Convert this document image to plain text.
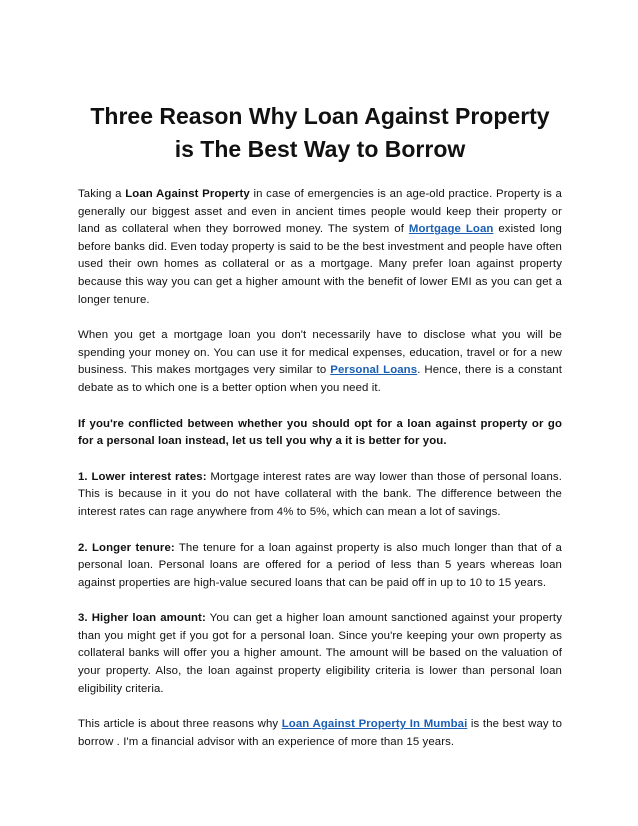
Three Reason Why Loan Against Property
is The Best Way to Borrow

Taking a Loan Against Property in case of emergencies is an age-old practice. Property is a generally our biggest asset and even in ancient times people would keep their property or land as collateral when they borrowed money. The system of Mortgage Loan existed long before banks did. Even today property is said to be the best investment and people have often used their own homes as collateral or as a mortgage. Many prefer loan against property because this way you can get a higher amount with the benefit of lower EMI as you can get a longer tenure.

When you get a mortgage loan you don't necessarily have to disclose what you will be spending your money on. You can use it for medical expenses, education, travel or for a new business. This makes mortgages very similar to Personal Loans. Hence, there is a constant debate as to which one is a better option when you need it.

If you're conflicted between whether you should opt for a loan against property or go for a personal loan instead, let us tell you why a it is better for you.

1. Lower interest rates: Mortgage interest rates are way lower than those of personal loans. This is because in it you do not have collateral with the bank. The difference between the interest rates can rage anywhere from 4% to 5%, which can mean a lot of savings.

2. Longer tenure: The tenure for a loan against property is also much longer than that of a personal loan. Personal loans are offered for a period of less than 5 years whereas loan against properties are high-value secured loans that can be paid off in up to 10 to 15 years.

3. Higher loan amount: You can get a higher loan amount sanctioned against your property than you might get if you got for a personal loan. Since you're keeping your own property as collateral banks will offer you a higher amount. The amount will be based on the valuation of your property. Also, the loan against property eligibility criteria is lower than personal loan eligibility criteria.

This article is about three reasons why Loan Against Property In Mumbai is the best way to borrow . I'm a financial advisor with an experience of more than 15 years.
